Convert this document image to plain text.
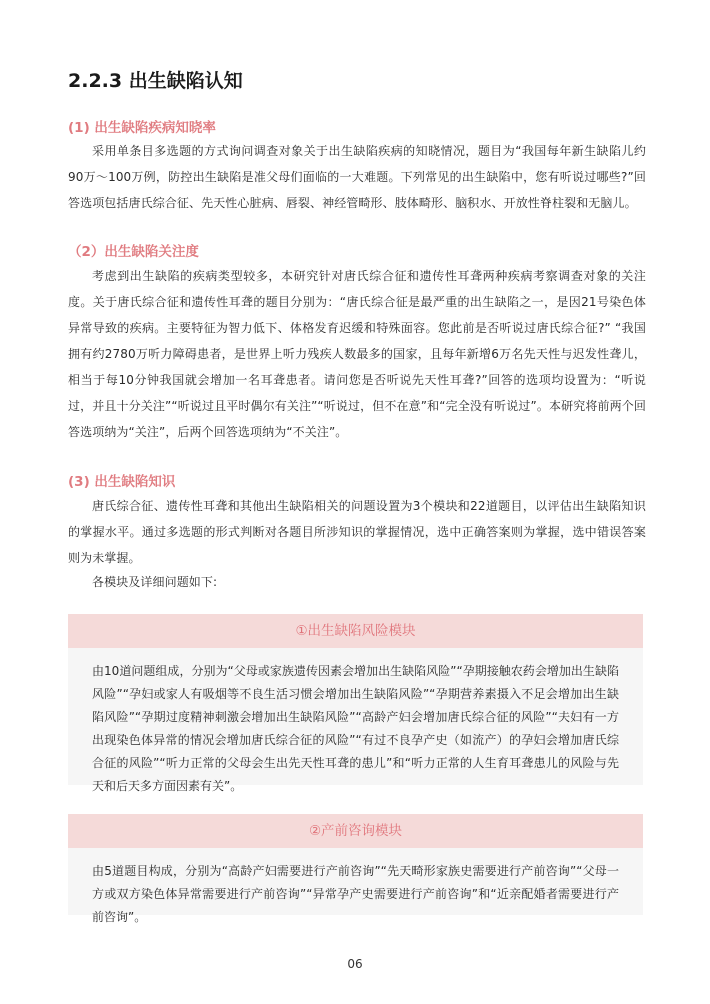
2.2.3 出生缺陷认知
(1) 出生缺陷疾病知晓率

采用单条目多选题的方式询问调查对象关于出生缺陷疾病的知晓情况，题目为“我国每年新生缺陷儿约90万～100万例，防控出生缺陷是准父母们面临的一大难题。下列常见的出生缺陷中，您有听说过哪些?”回答选项包括唐氏综合征、先天性心脏病、唇裂、神经管畸形、肢体畸形、脑积水、开放性脊柱裂和无脑儿。

（2）出生缺陷关注度

考虑到出生缺陷的疾病类型较多，本研究针对唐氏综合征和遗传性耳聋两种疾病考察调查对象的关注度。关于唐氏综合征和遗传性耳聋的题目分别为：“唐氏综合征是最严重的出生缺陷之一，是因21号染色体异常导致的疾病。主要特征为智力低下、体格发育迟缓和特殊面容。您此前是否听说过唐氏综合征?” “我国拥有约2780万听力障碍患者，是世界上听力残疾人数最多的国家，且每年新增6万名先天性与迟发性聋儿，相当于每10分钟我国就会增加一名耳聋患者。请问您是否听说先天性耳聋?”回答的选项均设置为：“听说过，并且十分关注”“听说过且平时偶尔有关注”“听说过，但不在意”和“完全没有听说过”。本研究将前两个回答选项纳为“关注”，后两个回答选项纳为“不关注”。

(3) 出生缺陷知识

唐氏综合征、遗传性耳聋和其他出生缺陷相关的问题设置为3个模块和22道题目，以评估出生缺陷知识的掌握水平。通过多选题的形式判断对各题目所涉知识的掌握情况，选中正确答案则为掌握，选中错误答案则为未掌握。

各模块及详细问题如下:

①出生缺陷风险模块

由10道问题组成，分别为“父母或家族遗传因素会增加出生缺陷风险”“孕期接触农药会增加出生缺陷风险”“孕妇或家人有吸烟等不良生活习惯会增加出生缺陷风险”“孕期营养素摄入不足会增加出生缺陷风险”“孕期过度精神刺激会增加出生缺陷风险”“高龄产妇会增加唐氏综合征的风险”“夫妇有一方出现染色体异常的情况会增加唐氏综合征的风险”“有过不良孕产史（如流产）的孕妇会增加唐氏综合征的风险”“听力正常的父母会生出先天性耳聋的患儿”和“听力正常的人生育耳聋患儿的风险与先天和后天多方面因素有关”。

②产前咨询模块

由5道题目构成，分别为“高龄产妇需要进行产前咨询”“先天畸形家族史需要进行产前咨询”“父母一方或双方染色体异常需要进行产前咨询”“异常孕产史需要进行产前咨询”和“近亲配婚者需要进行产前咨询”。

06
